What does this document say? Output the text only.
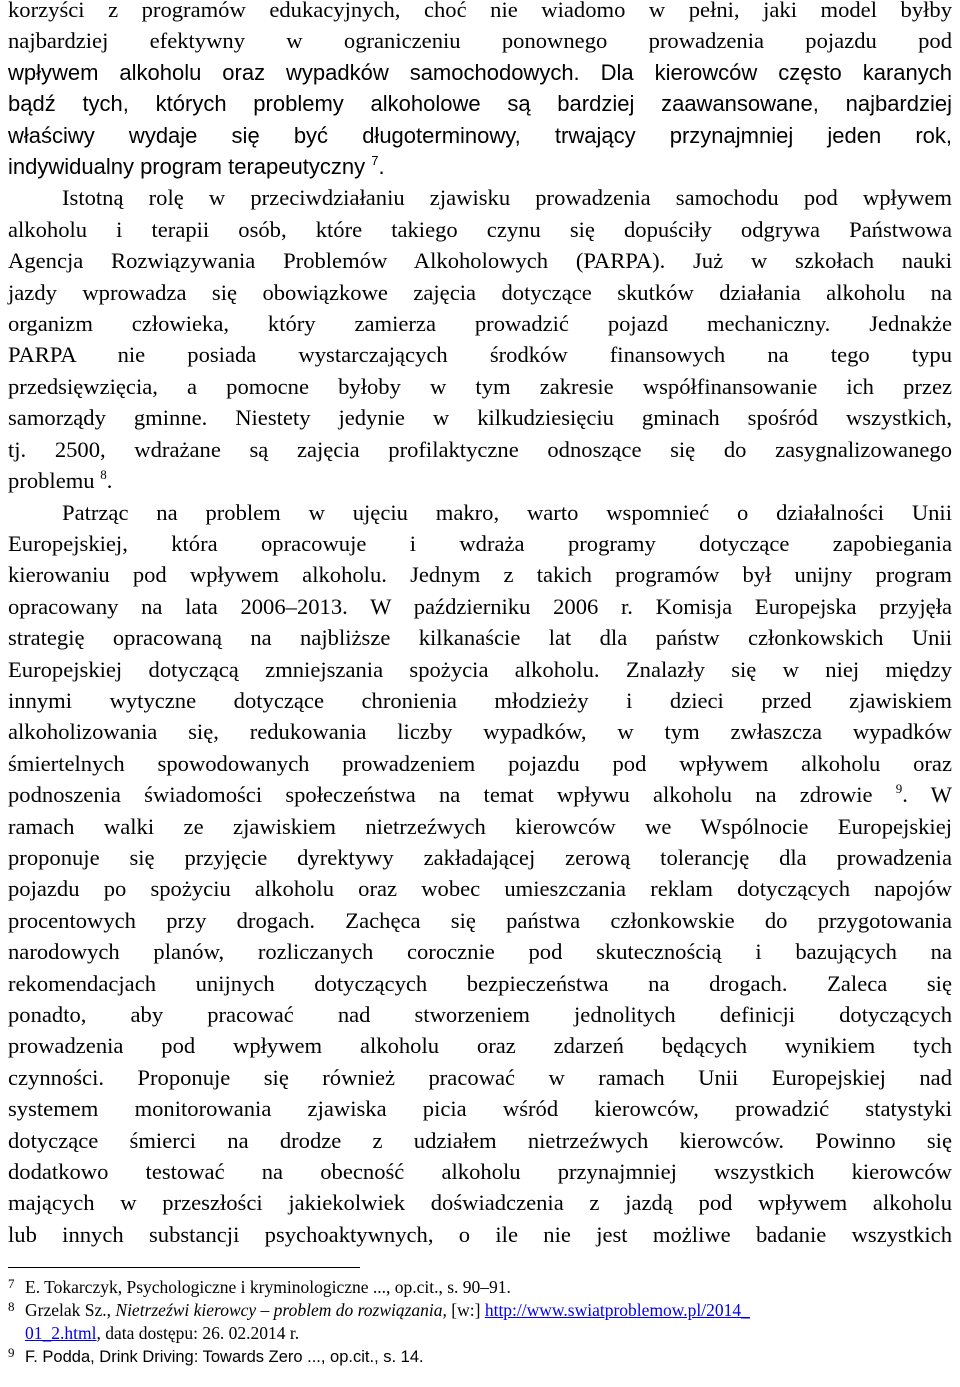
korzyści z programów edukacyjnych, choć nie wiadomo w pełni, jaki model byłby
najbardziej efektywny w ograniczeniu ponownego prowadzenia pojazdu pod
wpływem alkoholu oraz wypadków samochodowych. Dla kierowców często karanych
bądź tych, których problemy alkoholowe są bardziej zaawansowane, najbardziej
właściwy wydaje się być długoterminowy, trwający przynajmniej jeden rok,
indywidualny program terapeutyczny $^7$.

Istotną rolę w przeciwdziałaniu zjawisku prowadzenia samochodu pod wpływem
alkoholu i terapii osób, które takiego czynu się dopuściły odgrywa Państwowa
Agencja Rozwiązywania Problemów Alkoholowych (PARPA). Już w szkołach nauki
jazdy wprowadza się obowiązkowe zajęcia dotyczące skutków działania alkoholu na
organizm człowieka, który zamierza prowadzić pojazd mechaniczny. Jednakże
PARPA nie posiada wystarczających środków finansowych na tego typu
przedsięwzięcia, a pomocne byłoby w tym zakresie współfinansowanie ich przez
samorządy gminne. Niestety jedynie w kilkudziesięciu gminach spośród wszystkich,
tj. 2500, wdrażane są zajęcia profilaktyczne odnoszące się do zasygnalizowanego
problemu $^8$.

Patrząc na problem w ujęciu makro, warto wspomnieć o działalności Unii
Europejskiej, która opracowuje i wdraża programy dotyczące zapobiegania
kierowaniu pod wpływem alkoholu. Jednym z takich programów był unijny program
opracowany na lata 2006–2013. W październiku 2006 r. Komisja Europejska przyjęła
strategię opracowaną na najbliższe kilkanaście lat dla państw członkowskich Unii
Europejskiej dotyczącą zmniejszania spożycia alkoholu. Znalazły się w niej między
innymi wytyczne dotyczące chronienia młodzieży i dzieci przed zjawiskiem
alkoholizowania się, redukowania liczby wypadków, w tym zwłaszcza wypadków
śmiertelnych spowodowanych prowadzeniem pojazdu pod wpływem alkoholu oraz
podnoszenia świadomości społeczeństwa na temat wpływu alkoholu na zdrowie $^9$. W
ramach walki ze zjawiskiem nietrzeźwych kierowców we Wspólnocie Europejskiej
proponuje się przyjęcie dyrektywy zakładającej zerową tolerancję dla prowadzenia
pojazdu po spożyciu alkoholu oraz wobec umieszczania reklam dotyczących napojów
procentowych przy drogach. Zachęca się państwa członkowskie do przygotowania
narodowych planów, rozliczanych corocznie pod skutecznością i bazujących na
rekomendacjach unijnych dotyczących bezpieczeństwa na drogach. Zaleca się
ponadto, aby pracować nad stworzeniem jednolitych definicji dotyczących
prowadzenia pod wpływem alkoholu oraz zdarzeń będących wynikiem tych
czynności. Proponuje się również pracować w ramach Unii Europejskiej nad
systemem monitorowania zjawiska picia wśród kierowców, prowadzić statystyki
dotyczące śmierci na drodze z udziałem nietrzeźwych kierowców. Powinno się
dodatkowo testować na obecność alkoholu przynajmniej wszystkich kierowców
mających w przeszłości jakiekolwiek doświadczenia z jazdą pod wpływem alkoholu
lub innych substancji psychoaktywnych, o ile nie jest możliwe badanie wszystkich

7 E. Tokarczyk, Psychologiczne i kryminologiczne ..., op.cit., s. 90–91.
8 Grzelak Sz., Nietrzeźwi kierowcy – problem do rozwiązania, [w:] http://www.swiatproblemow.pl/2014_
01_2.html, data dostępu: 26. 02.2014 r.
9 F. Podda, Drink Driving: Towards Zero ..., op.cit., s. 14.
